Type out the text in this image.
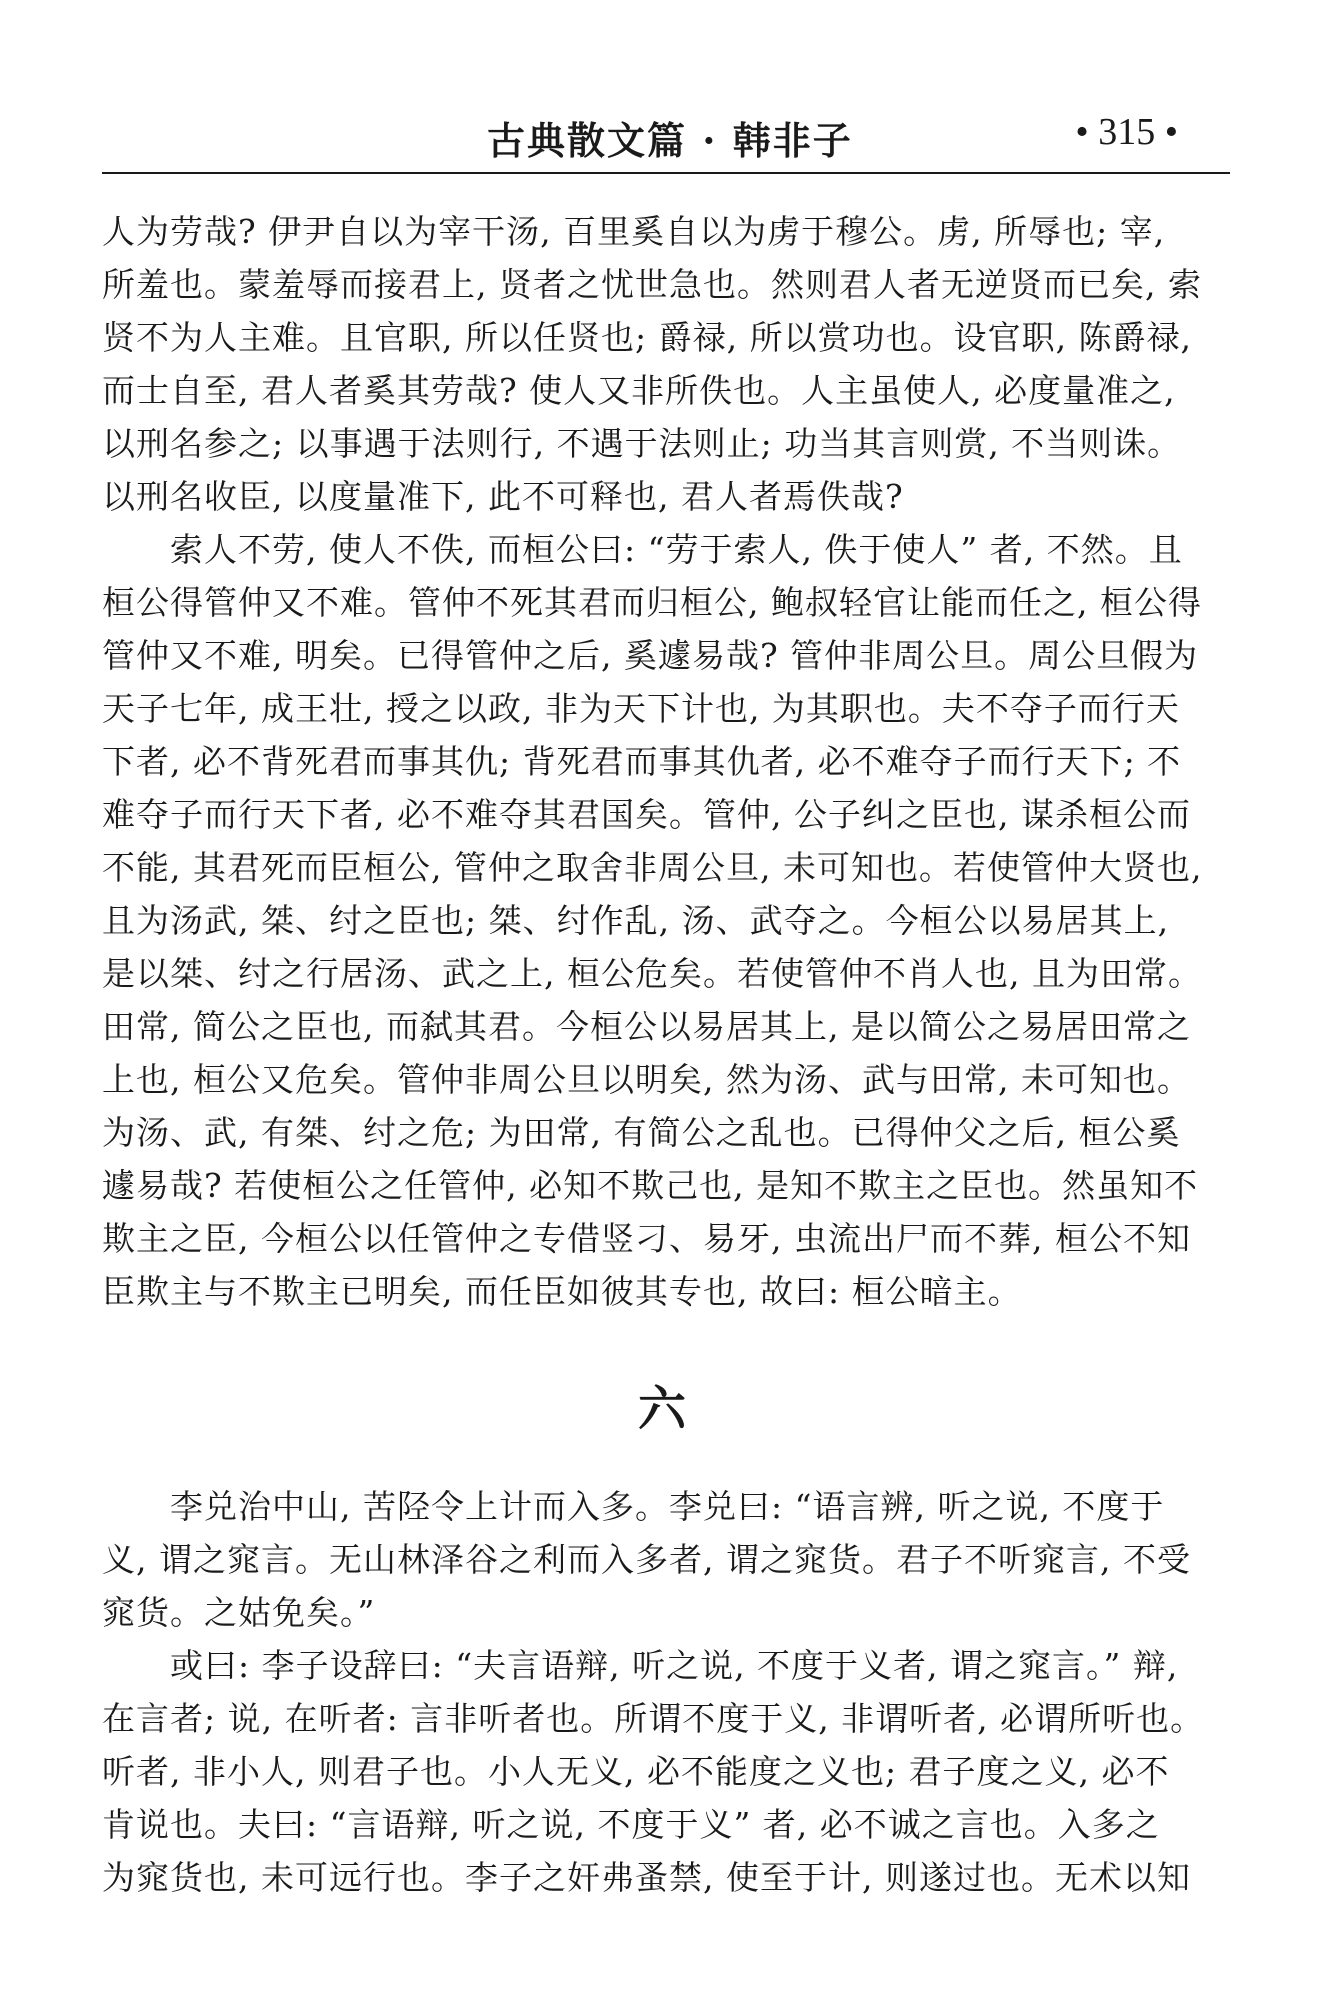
古典散文篇 · 韩非子	• 315 •
人为劳哉? 伊尹自以为宰干汤, 百里奚自以为虏于穆公。虏, 所辱也; 宰,
所羞也。蒙羞辱而接君上, 贤者之忧世急也。然则君人者无逆贤而已矣, 索
贤不为人主难。且官职, 所以任贤也; 爵禄, 所以赏功也。设官职, 陈爵禄,
而士自至, 君人者奚其劳哉? 使人又非所佚也。人主虽使人, 必度量准之,
以刑名参之; 以事遇于法则行, 不遇于法则止; 功当其言则赏, 不当则诛。
以刑名收臣, 以度量准下, 此不可释也, 君人者焉佚哉?
　　索人不劳, 使人不佚, 而桓公曰: “劳于索人, 佚于使人” 者, 不然。且
桓公得管仲又不难。管仲不死其君而归桓公, 鲍叔轻官让能而任之, 桓公得
管仲又不难, 明矣。已得管仲之后, 奚遽易哉? 管仲非周公旦。周公旦假为
天子七年, 成王壮, 授之以政, 非为天下计也, 为其职也。夫不夺子而行天
下者, 必不背死君而事其仇; 背死君而事其仇者, 必不难夺子而行天下; 不
难夺子而行天下者, 必不难夺其君国矣。管仲, 公子纠之臣也, 谋杀桓公而
不能, 其君死而臣桓公, 管仲之取舍非周公旦, 未可知也。若使管仲大贤也,
且为汤武, 桀、纣之臣也; 桀、纣作乱, 汤、武夺之。今桓公以易居其上,
是以桀、纣之行居汤、武之上, 桓公危矣。若使管仲不肖人也, 且为田常。
田常, 简公之臣也, 而弑其君。今桓公以易居其上, 是以简公之易居田常之
上也, 桓公又危矣。管仲非周公旦以明矣, 然为汤、武与田常, 未可知也。
为汤、武, 有桀、纣之危; 为田常, 有简公之乱也。已得仲父之后, 桓公奚
遽易哉? 若使桓公之任管仲, 必知不欺己也, 是知不欺主之臣也。然虽知不
欺主之臣, 今桓公以任管仲之专借竖刁、易牙, 虫流出尸而不葬, 桓公不知
臣欺主与不欺主已明矣, 而任臣如彼其专也, 故曰: 桓公暗主。
六
　　李兑治中山, 苦陉令上计而入多。李兑曰: “语言辨, 听之说, 不度于
义, 谓之窕言。无山林泽谷之利而入多者, 谓之窕货。君子不听窕言, 不受
窕货。之姑免矣。”
　　或曰: 李子设辞曰: “夫言语辩, 听之说, 不度于义者, 谓之窕言。” 辩,
在言者; 说, 在听者: 言非听者也。所谓不度于义, 非谓听者, 必谓所听也。
听者, 非小人, 则君子也。小人无义, 必不能度之义也; 君子度之义, 必不
肯说也。夫曰: “言语辩, 听之说, 不度于义” 者, 必不诚之言也。入多之
为窕货也, 未可远行也。李子之奸弗蚤禁, 使至于计, 则遂过也。无术以知
